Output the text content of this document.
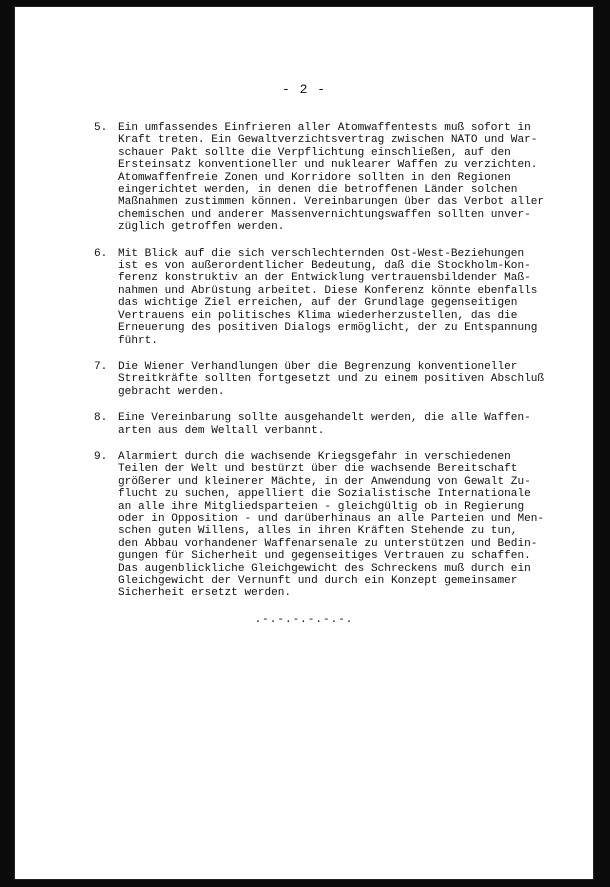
- 2 -
5. Ein umfassendes Einfrieren aller Atomwaffentests muß sofort in
Kraft treten. Ein Gewaltverzichtsvertrag zwischen NATO und War-
schauer Pakt sollte die Verpflichtung einschließen, auf den
Ersteinsatz konventioneller und nuklearer Waffen zu verzichten.
Atomwaffenfreie Zonen und Korridore sollten in den Regionen
eingerichtet werden, in denen die betroffenen Länder solchen
Maßnahmen zustimmen können. Vereinbarungen über das Verbot aller
chemischen und anderer Massenvernichtungswaffen sollten unver-
züglich getroffen werden.
6. Mit Blick auf die sich verschlechternden Ost-West-Beziehungen
ist es von außerordentlicher Bedeutung, daß die Stockholm-Kon-
ferenz konstruktiv an der Entwicklung vertrauensbildender Maß-
nahmen und Abrüstung arbeitet. Diese Konferenz könnte ebenfalls
das wichtige Ziel erreichen, auf der Grundlage gegenseitigen
Vertrauens ein politisches Klima wiederherzustellen, das die
Erneuerung des positiven Dialogs ermöglicht, der zu Entspannung
führt.
7. Die Wiener Verhandlungen über die Begrenzung konventioneller
Streitkräfte sollten fortgesetzt und zu einem positiven Abschluß
gebracht werden.
8. Eine Vereinbarung sollte ausgehandelt werden, die alle Waffen-
arten aus dem Weltall verbannt.
9. Alarmiert durch die wachsende Kriegsgefahr in verschiedenen
Teilen der Welt und bestürzt über die wachsende Bereitschaft
größerer und kleinerer Mächte, in der Anwendung von Gewalt Zu-
flucht zu suchen, appelliert die Sozialistische Internationale
an alle ihre Mitgliedsparteien - gleichgültig ob in Regierung
oder in Opposition - und darüberhinaus an alle Parteien und Men-
schen guten Willens, alles in ihren Kräften Stehende zu tun,
den Abbau vorhandener Waffenarsenale zu unterstützen und Bedin-
gungen für Sicherheit und gegenseitiges Vertrauen zu schaffen.
Das augenblickliche Gleichgewicht des Schreckens muß durch ein
Gleichgewicht der Vernunft und durch ein Konzept gemeinsamer
Sicherheit ersetzt werden.
.-.-.-.-.-.-.
